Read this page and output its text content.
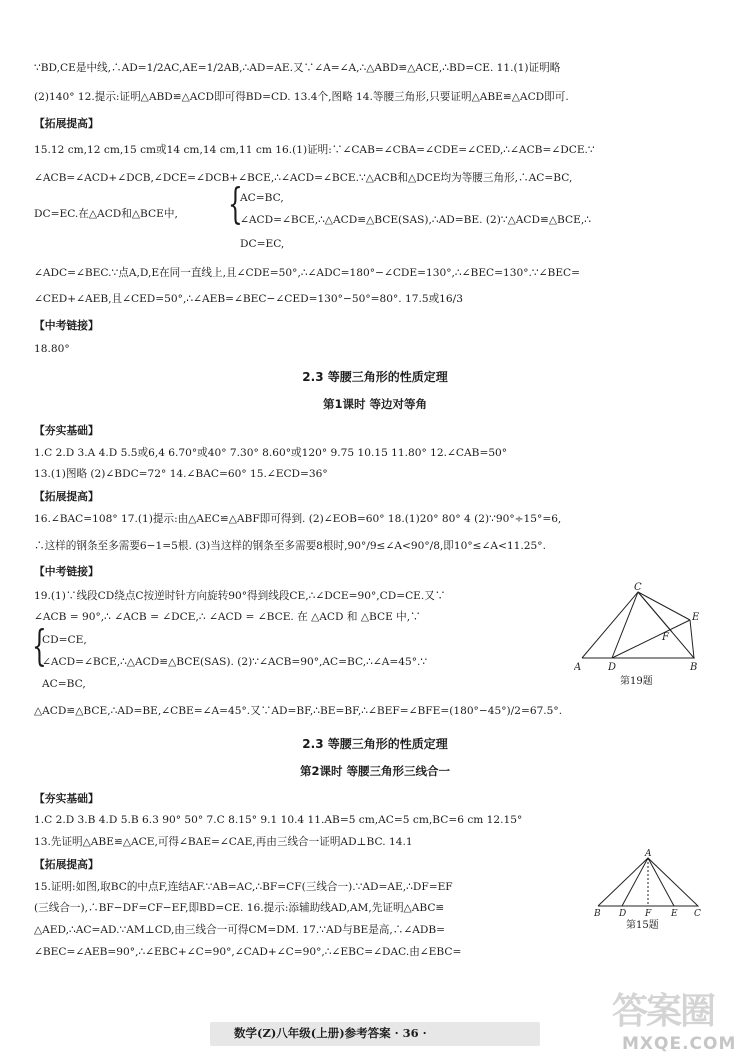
∵BD,CE是中线,∴AD=1/2AC,AE=1/2AB,∴AD=AE.又∵∠A=∠A,∴△ABD≌△ACE,∴BD=CE. 11.(1)证明略
(2)140° 12.提示:证明△ABD≌△ACD即可得BD=CD. 13.4个,图略 14.等腰三角形,只要证明△ABE≌△ACD即可.
【拓展提高】
15.12 cm,12 cm,15 cm或14 cm,14 cm,11 cm 16.(1)证明:∵∠CAB=∠CBA=∠CDE=∠CED,∴∠ACB=∠DCE.∵
∠ACB=∠ACD+∠DCB,∠DCE=∠DCB+∠BCE,∴∠ACD=∠BCE.∵△ACB和△DCE均为等腰三角形,∴AC=BC,
DC=EC.在△ACD和△BCE中, {
AC=BC,
∠ACD=∠BCE,∴△ACD≌△BCE(SAS),∴AD=BE. (2)∵△ACD≌△BCE,∴
DC=EC,
∠ADC=∠BEC.∵点A,D,E在同一直线上,且∠CDE=50°,∴∠ADC=180°−∠CDE=130°,∴∠BEC=130°.∵∠BEC=
∠CED+∠AEB,且∠CED=50°,∴∠AEB=∠BEC−∠CED=130°−50°=80°. 17.5或16/3
【中考链接】
18.80°
2.3 等腰三角形的性质定理
第1课时 等边对等角
【夯实基础】
1.C 2.D 3.A 4.D 5.5或6,4 6.70°或40° 7.30° 8.60°或120° 9.75 10.15 11.80° 12.∠CAB=50°
13.(1)图略 (2)∠BDC=72° 14.∠BAC=60° 15.∠ECD=36°
【拓展提高】
16.∠BAC=108° 17.(1)提示:由△AEC≌△ABF即可得到. (2)∠EOB=60° 18.(1)20° 80° 4 (2)∵90°÷15°=6,
∴这样的钢条至多需要6−1=5根. (3)当这样的钢条至多需要8根时,90°/9≤∠A<90°/8,即10°≤∠A<11.25°.
【中考链接】
19.(1)∵线段CD绕点C按逆时针方向旋转90°得到线段CE,∴∠DCE=90°,CD=CE.又∵
∠ACB = 90°,∴ ∠ACB = ∠DCE,∴ ∠ACD = ∠BCE. 在 △ACD 和 △BCE 中,∵
{
CD=CE,
∠ACD=∠BCE,∴△ACD≌△BCE(SAS). (2)∵∠ACB=90°,AC=BC,∴∠A=45°.∵
AC=BC,
△ACD≌△BCE,∴AD=BE,∠CBE=∠A=45°.又∵AD=BF,∴BE=BF,∴∠BEF=∠BFE=(180°−45°)/2=67.5°.
C
E
F
A	D	B
第19题
2.3 等腰三角形的性质定理
第2课时 等腰三角形三线合一
【夯实基础】
1.C 2.D 3.B 4.D 5.B 6.3 90° 50° 7.C 8.15° 9.1 10.4 11.AB=5 cm,AC=5 cm,BC=6 cm 12.15°
13.先证明△ABE≌△ACE,可得∠BAE=∠CAE,再由三线合一证明AD⊥BC. 14.1
【拓展提高】
15.证明:如图,取BC的中点F,连结AF.∵AB=AC,∴BF=CF(三线合一).∵AD=AE,∴DF=EF
(三线合一),∴BF−DF=CF−EF,即BD=CE. 16.提示:添辅助线AD,AM,先证明△ABC≌
△AED,∴AC=AD.∵AM⊥CD,由三线合一可得CM=DM. 17.∵AD与BE是高,∴∠ADB=
∠BEC=∠AEB=90°,∴∠EBC+∠C=90°,∠CAD+∠C=90°,∴∠EBC=∠DAC.由∠EBC=
A
B D F E C
第15题
数学(Z)八年级(上册)参考答案 · 36 ·
答案圈
MXQE.COM
